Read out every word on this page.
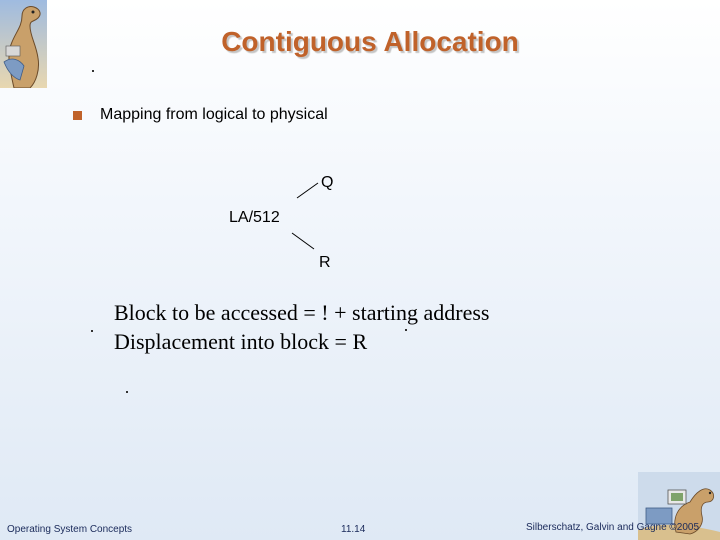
Contiguous Allocation
Mapping from logical to physical
Q
LA/512
R
Block to be accessed = ! + starting address
Displacement into block = R
Operating System Concepts	11.14	Silberschatz, Galvin and Gagne ©2005
